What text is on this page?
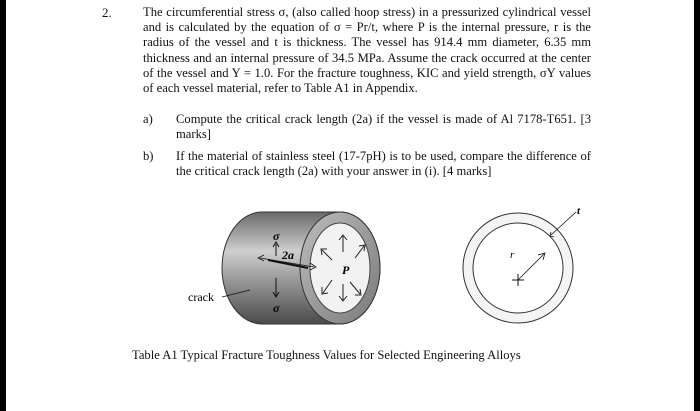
2. The circumferential stress σ, (also called hoop stress) in a pressurized cylindrical vessel and is calculated by the equation of σ = Pr/t, where P is the internal pressure, r is the radius of the vessel and t is thickness. The vessel has 914.4 mm diameter, 6.35 mm thickness and an internal pressure of 34.5 MPa. Assume the crack occurred at the center of the vessel and Y = 1.0. For the fracture toughness, KIC and yield strength, σY values of each vessel material, refer to Table A1 in Appendix.
a) Compute the critical crack length (2a) if the vessel is made of Al 7178-T651. [3 marks]
b) If the material of stainless steel (17-7pH) is to be used, compare the difference of the critical crack length (2a) with your answer in (i). [4 marks]
P
σ
σ
2a
crack
r
t
Table A1 Typical Fracture Toughness Values for Selected Engineering Alloys
